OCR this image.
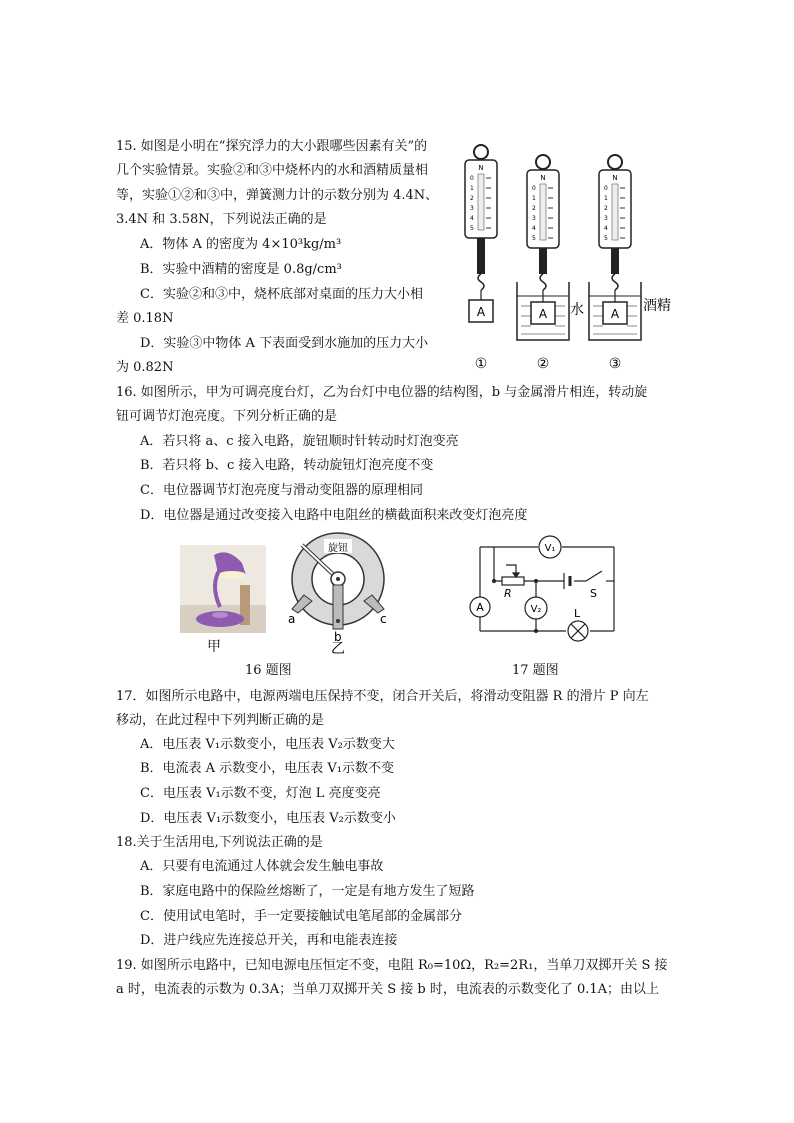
15. 如图是小明在“探究浮力的大小跟哪些因素有关”的
几个实验情景。实验②和③中烧杯内的水和酒精质量相
等，实验①②和③中，弹簧测力计的示数分别为 4.4N、
3.4N 和 3.58N，下列说法正确的是
A．物体 A 的密度为 4×10³kg/m³
B．实验中酒精的密度是 0.8g/cm³
C．实验②和③中，烧杯底部对桌面的压力大小相
差 0.18N
D．实验③中物体 A 下表面受到水施加的压力大小
为 0.82N
N
0
1
2
3
4
5
A
N
0
1
2
3
4
5
A 水
N
0
1
2
3
4
5
A 酒精
①	②	③
16. 如图所示，甲为可调亮度台灯，乙为台灯中电位器的结构图，b 与金属滑片相连，转动旋
钮可调节灯泡亮度。下列分析正确的是
A．若只将 a、c 接入电路，旋钮顺时针转动时灯泡变亮
B．若只将 b、c 接入电路，转动旋钮灯泡亮度不变
C．电位器调节灯泡亮度与滑动变阻器的原理相同
D．电位器是通过改变接入电路中电阻丝的横截面积来改变灯泡亮度
甲
旋钮
a
b
c
乙
16 题图
V₁
V₂
A
R	S
L
17 题图
17．如图所示电路中，电源两端电压保持不变，闭合开关后，将滑动变阻器 R 的滑片 P 向左
移动，在此过程中下列判断正确的是
A．电压表 V₁示数变小，电压表 V₂示数变大
B．电流表 A 示数变小，电压表 V₁示数不变
C．电压表 V₁示数不变，灯泡 L 亮度变亮
D．电压表 V₁示数变小，电压表 V₂示数变小
18.关于生活用电,下列说法正确的是
A．只要有电流通过人体就会发生触电事故
B．家庭电路中的保险丝熔断了，一定是有地方发生了短路
C．使用试电笔时，手一定要接触试电笔尾部的金属部分
D．进户线应先连接总开关，再和电能表连接
19. 如图所示电路中，已知电源电压恒定不变，电阻 R₀=10Ω，R₂=2R₁，当单刀双掷开关 S 接
a 时，电流表的示数为 0.3A；当单刀双掷开关 S 接 b 时，电流表的示数变化了 0.1A；由以上
